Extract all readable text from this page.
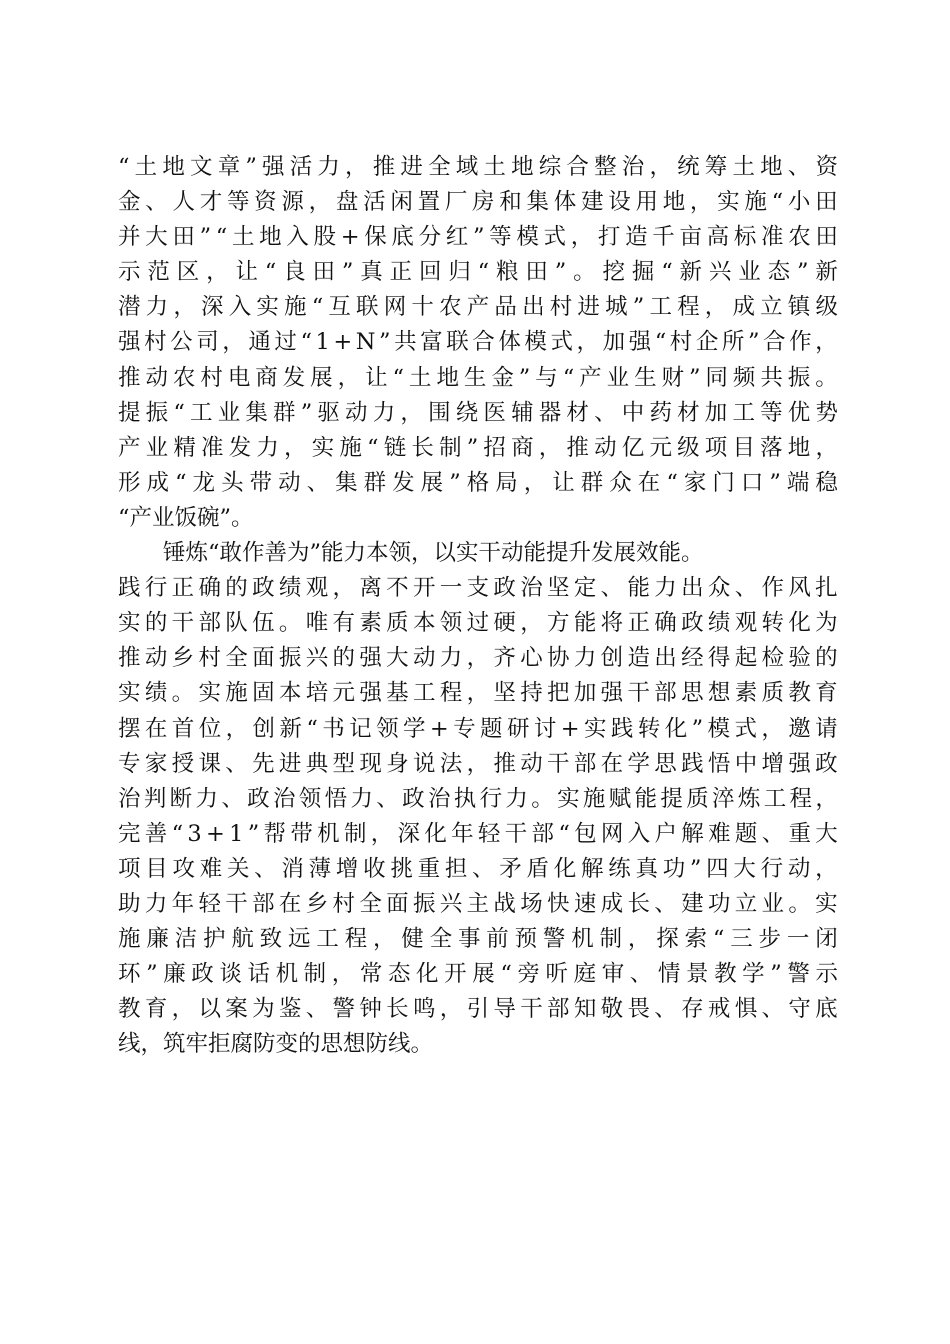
“ 土 地 文 章 ” 强 活 力 ， 推 进 全 域 土 地 综 合 整 治 ， 统 筹 土 地 、 资
金 、 人 才 等 资 源 ， 盘 活 闲 置 厂 房 和 集 体 建 设 用 地 ， 实 施 “ 小 田
并 大 田 ” “ 土 地 入 股 + 保 底 分 红 ” 等 模 式 ， 打 造 千 亩 高 标 准 农 田
示 范 区 ， 让 “ 良 田 ” 真 正 回 归 “ 粮 田 ” 。 挖 掘 “ 新 兴 业 态 ” 新
潜 力 ， 深 入 实 施 “ 互 联 网 十 农 产 品 出 村 进 城 ” 工 程 ， 成 立 镇 级
强 村 公 司 ， 通 过 “ 1 + N ” 共 富 联 合 体 模 式 ， 加 强 “ 村 企 所 ” 合 作 ，
推 动 农 村 电 商 发 展 ， 让 “ 土 地 生 金 ” 与 “ 产 业 生 财 ” 同 频 共 振 。
提 振 “ 工 业 集 群 ” 驱 动 力 ， 围 绕 医 辅 器 材 、 中 药 材 加 工 等 优 势
产 业 精 准 发 力 ， 实 施 “ 链 长 制 ” 招 商 ， 推 动 亿 元 级 项 目 落 地 ，
形 成 “ 龙 头 带 动 、 集 群 发 展 ” 格 局 ， 让 群 众 在 “ 家 门 口 ” 端 稳
“产业饭碗”。
锤炼“敢作善为”能力本领，以实干动能提升发展效能。
践 行 正 确 的 政 绩 观 ， 离 不 开 一 支 政 治 坚 定 、 能 力 出 众 、 作 风 扎
实 的 干 部 队 伍 。 唯 有 素 质 本 领 过 硬 ， 方 能 将 正 确 政 绩 观 转 化 为
推 动 乡 村 全 面 振 兴 的 强 大 动 力 ， 齐 心 协 力 创 造 出 经 得 起 检 验 的
实 绩 。 实 施 固 本 培 元 强 基 工 程 ， 坚 持 把 加 强 干 部 思 想 素 质 教 育
摆 在 首 位 ， 创 新 “ 书 记 领 学 + 专 题 研 讨 + 实 践 转 化 ” 模 式 ， 邀 请
专 家 授 课 、 先 进 典 型 现 身 说 法 ， 推 动 干 部 在 学 思 践 悟 中 增 强 政
治 判 断 力 、 政 治 领 悟 力 、 政 治 执 行 力 。 实 施 赋 能 提 质 淬 炼 工 程 ，
完 善 “ 3 + 1 ” 帮 带 机 制 ， 深 化 年 轻 干 部 “ 包 网 入 户 解 难 题 、 重 大
项 目 攻 难 关 、 消 薄 增 收 挑 重 担 、 矛 盾 化 解 练 真 功 ” 四 大 行 动 ，
助 力 年 轻 干 部 在 乡 村 全 面 振 兴 主 战 场 快 速 成 长 、 建 功 立 业 。 实
施 廉 洁 护 航 致 远 工 程 ， 健 全 事 前 预 警 机 制 ， 探 索 “ 三 步 一 闭
环 ” 廉 政 谈 话 机 制 ， 常 态 化 开 展 “ 旁 听 庭 审 、 情 景 教 学 ” 警 示
教 育 ， 以 案 为 鉴 、 警 钟 长 鸣 ， 引 导 干 部 知 敬 畏 、 存 戒 惧 、 守 底
线，筑牢拒腐防变的思想防线。
